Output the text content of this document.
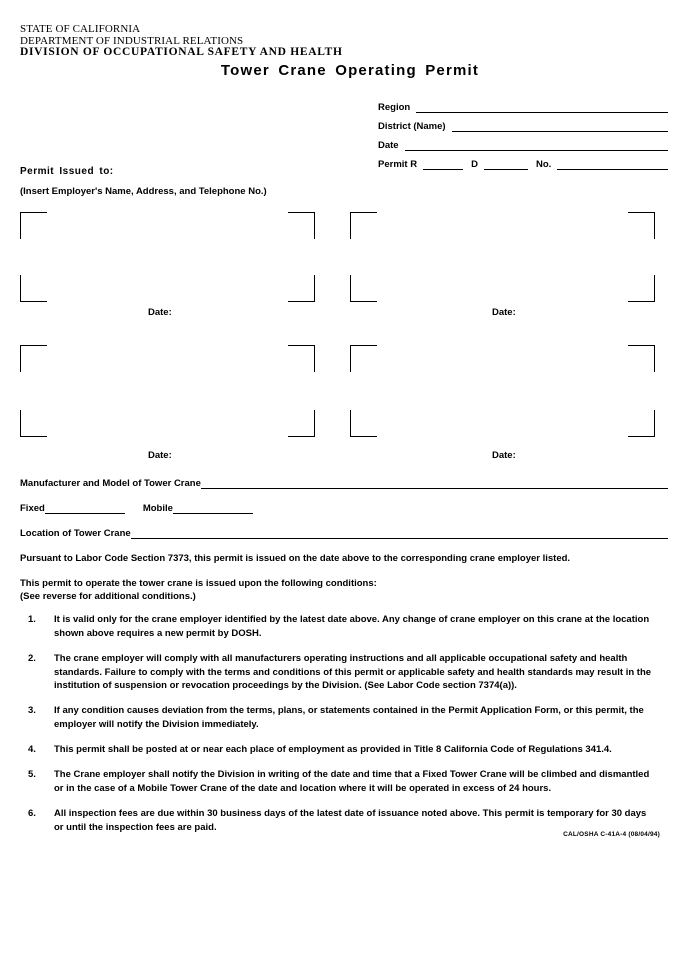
STATE OF CALIFORNIA
DEPARTMENT OF INDUSTRIAL RELATIONS
DIVISION OF OCCUPATIONAL SAFETY AND HEALTH
Tower Crane Operating Permit
Region
District (Name)
Date
Permit R	D	No.
Permit Issued to:
(Insert Employer's Name, Address, and Telephone No.)
Date:	Date:
Date:	Date:
Manufacturer and Model of Tower Crane
Fixed	Mobile
Location of Tower Crane
Pursuant to Labor Code Section 7373, this permit is issued on the date above to the corresponding crane employer listed.
This permit to operate the tower crane is issued upon the following conditions:
(See reverse for additional conditions.)
1.	It is valid only for the crane employer identified by the latest date above. Any change of crane employer on this crane at the location shown above requires a new permit by DOSH.
2.	The crane employer will comply with all manufacturers operating instructions and all applicable occupational safety and health standards. Failure to comply with the terms and conditions of this permit or applicable safety and health standards may result in the institution of suspension or revocation proceedings by the Division. (See Labor Code section 7374(a)).
3.	If any condition causes deviation from the terms, plans, or statements contained in the Permit Application Form, or this permit, the employer will notify the Division immediately.
4.	This permit shall be posted at or near each place of employment as provided in Title 8 California Code of Regulations 341.4.
5.	The Crane employer shall notify the Division in writing of the date and time that a Fixed Tower Crane will be climbed and dismantled or in the case of a Mobile Tower Crane of the date and location where it will be operated in excess of 24 hours.
6.	All inspection fees are due within 30 business days of the latest date of issuance noted above. This permit is temporary for 30 days or until the inspection fees are paid.
CAL/OSHA C-41A-4 (08/04/94)
